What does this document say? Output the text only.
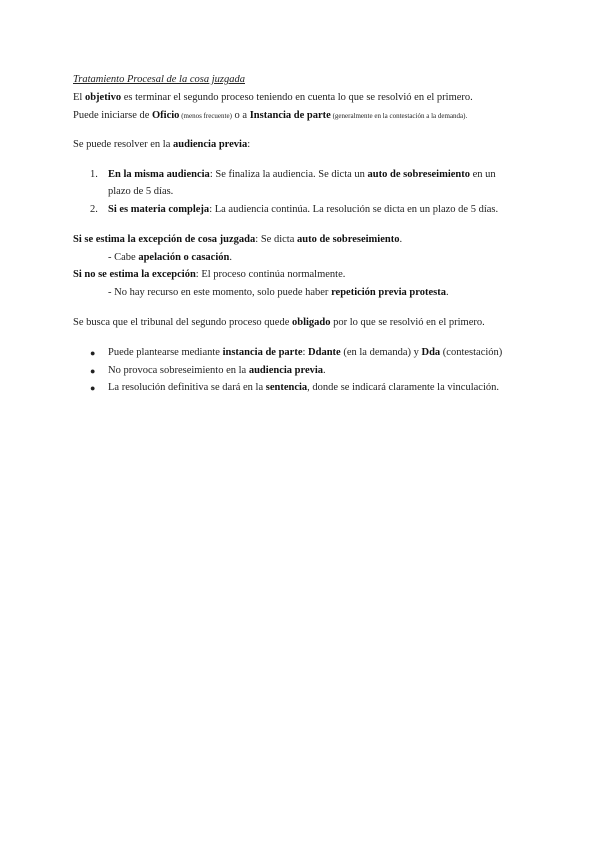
Tratamiento Procesal de la cosa juzgada
El objetivo es terminar el segundo proceso teniendo en cuenta lo que se resolvió en el primero.
Puede iniciarse de Oficio (menos frecuente) o a Instancia de parte (generalmente en la contestación a la demanda).
Se puede resolver en la audiencia previa:
1. En la misma audiencia: Se finaliza la audiencia. Se dicta un auto de sobreseimiento en un
plazo de 5 días.
2. Si es materia compleja: La audiencia continúa. La resolución se dicta en un plazo de 5 días.
Si se estima la excepción de cosa juzgada: Se dicta auto de sobreseimiento.
- Cabe apelación o casación.
Si no se estima la excepción: El proceso continúa normalmente.
- No hay recurso en este momento, solo puede haber repetición previa protesta.
Se busca que el tribunal del segundo proceso quede obligado por lo que se resolvió en el primero.
● Puede plantearse mediante instancia de parte: Ddante (en la demanda) y Dda (contestación)
● No provoca sobreseimiento en la audiencia previa.
● La resolución definitiva se dará en la sentencia, donde se indicará claramente la vinculación.
